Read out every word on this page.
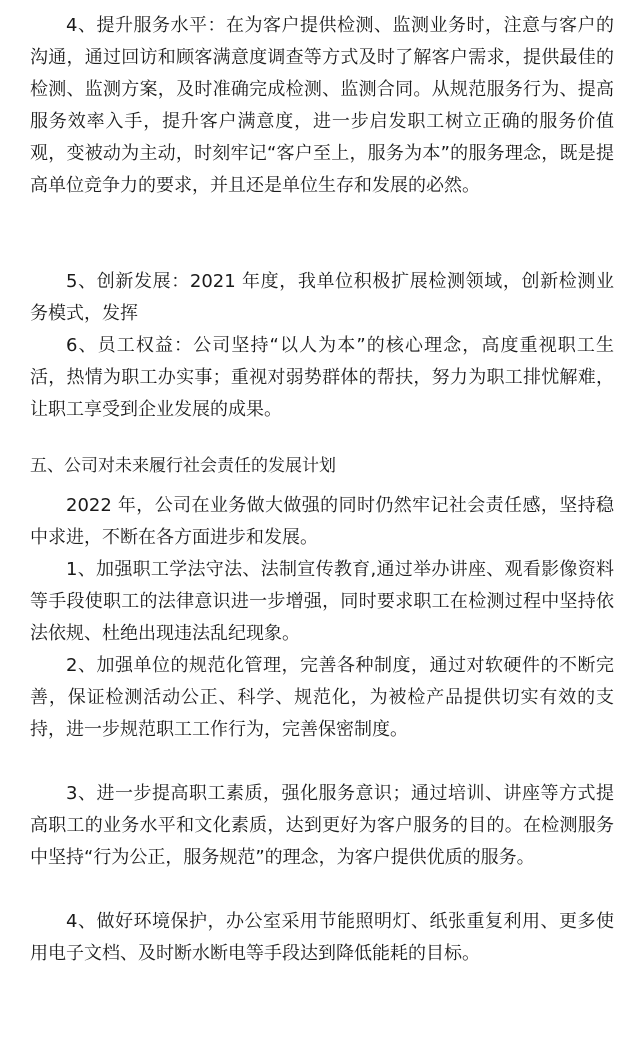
4、提升服务水平：在为客户提供检测、监测业务时，注意与客户的沟通，通过回访和顾客满意度调查等方式及时了解客户需求，提供最佳的检测、监测方案，及时准确完成检测、监测合同。从规范服务行为、提高服务效率入手，提升客户满意度，进一步启发职工树立正确的服务价值观，变被动为主动，时刻牢记“客户至上，服务为本”的服务理念，既是提高单位竞争力的要求，并且还是单位生存和发展的必然。

5、创新发展：2021 年度，我单位积极扩展检测领域，创新检测业务模式，发挥

6、员工权益：公司坚持“以人为本”的核心理念，高度重视职工生活，热情为职工办实事；重视对弱势群体的帮扶，努力为职工排忧解难，让职工享受到企业发展的成果。

五、公司对未来履行社会责任的发展计划

2022 年，公司在业务做大做强的同时仍然牢记社会责任感，坚持稳中求进，不断在各方面进步和发展。

1、加强职工学法守法、法制宣传教育,通过举办讲座、观看影像资料等手段使职工的法律意识进一步增强，同时要求职工在检测过程中坚持依法依规、杜绝出现违法乱纪现象。

2、加强单位的规范化管理，完善各种制度，通过对软硬件的不断完善，保证检测活动公正、科学、规范化，为被检产品提供切实有效的支持，进一步规范职工工作行为，完善保密制度。

3、进一步提高职工素质，强化服务意识；通过培训、讲座等方式提高职工的业务水平和文化素质，达到更好为客户服务的目的。在检测服务中坚持“行为公正，服务规范”的理念，为客户提供优质的服务。

4、做好环境保护，办公室采用节能照明灯、纸张重复利用、更多使用电子文档、及时断水断电等手段达到降低能耗的目标。
